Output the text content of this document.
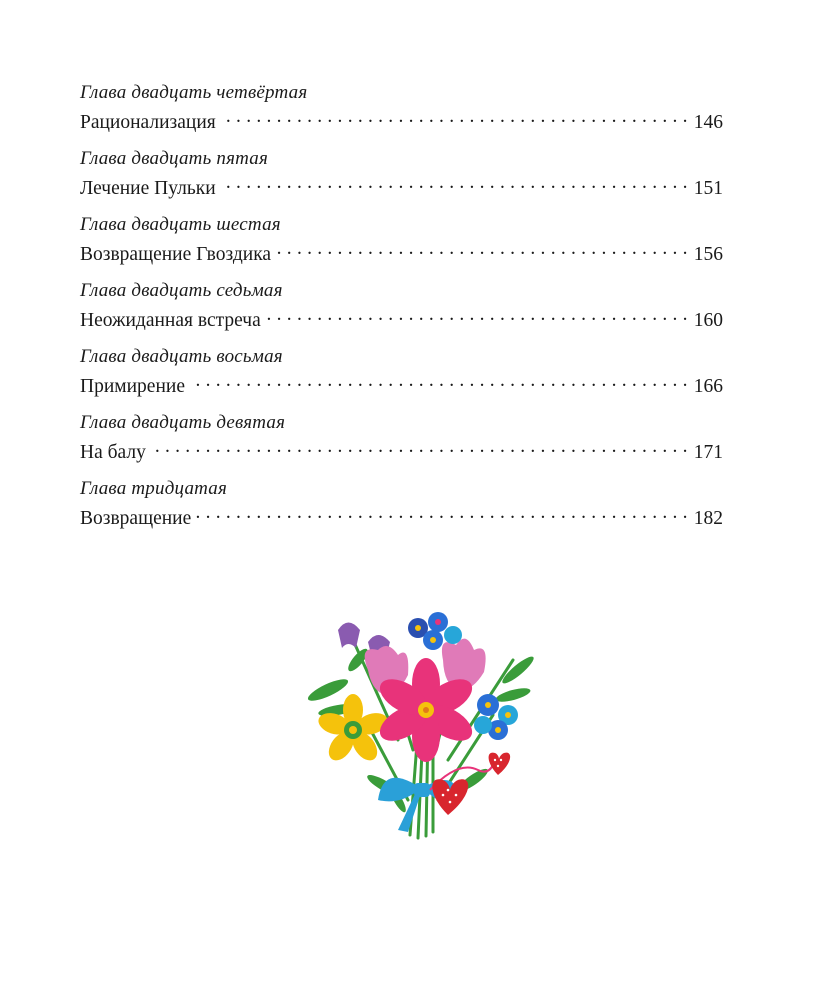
Глава двадцать четвёртая
Рационализация . . .	146
Глава двадцать пятая
Лечение Пульки . . .	151
Глава двадцать шестая
Возвращение Гвоздика . . .	156
Глава двадцать седьмая
Неожиданная встреча . . .	160
Глава двадцать восьмая
Примирение . . .	166
Глава двадцать девятая
На балу . . .	171
Глава тридцатая
Возвращение . . .	182
